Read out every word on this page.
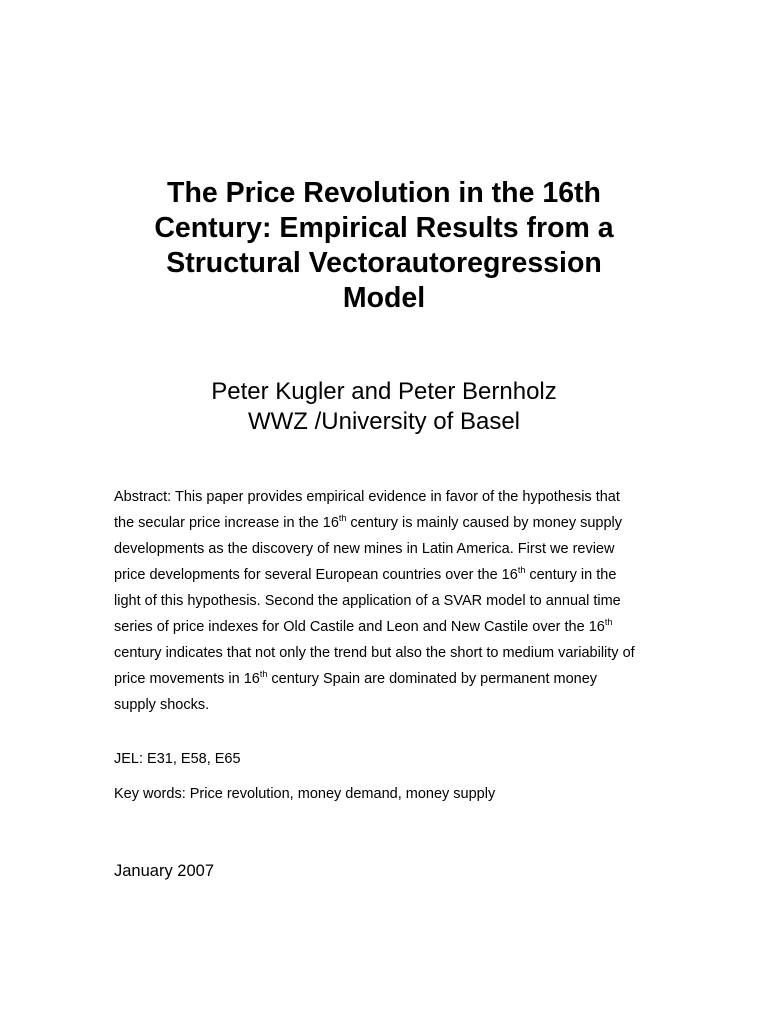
The Price Revolution in the 16th
Century: Empirical Results from a
Structural Vectorautoregression
Model
Peter Kugler and Peter Bernholz
WWZ /University of Basel
Abstract: This paper provides empirical evidence in favor of the hypothesis that
the secular price increase in the 16th century is mainly caused by money supply
developments as the discovery of new mines in Latin America. First we review
price developments for several European countries over the 16th century in the
light of this hypothesis. Second the application of a SVAR model to annual time
series of price indexes for Old Castile and Leon and New Castile over the 16th
century indicates that not only the trend but also the short to medium variability of
price movements in 16th century Spain are dominated by permanent money
supply shocks.
JEL: E31, E58, E65
Key words: Price revolution, money demand, money supply
January 2007
